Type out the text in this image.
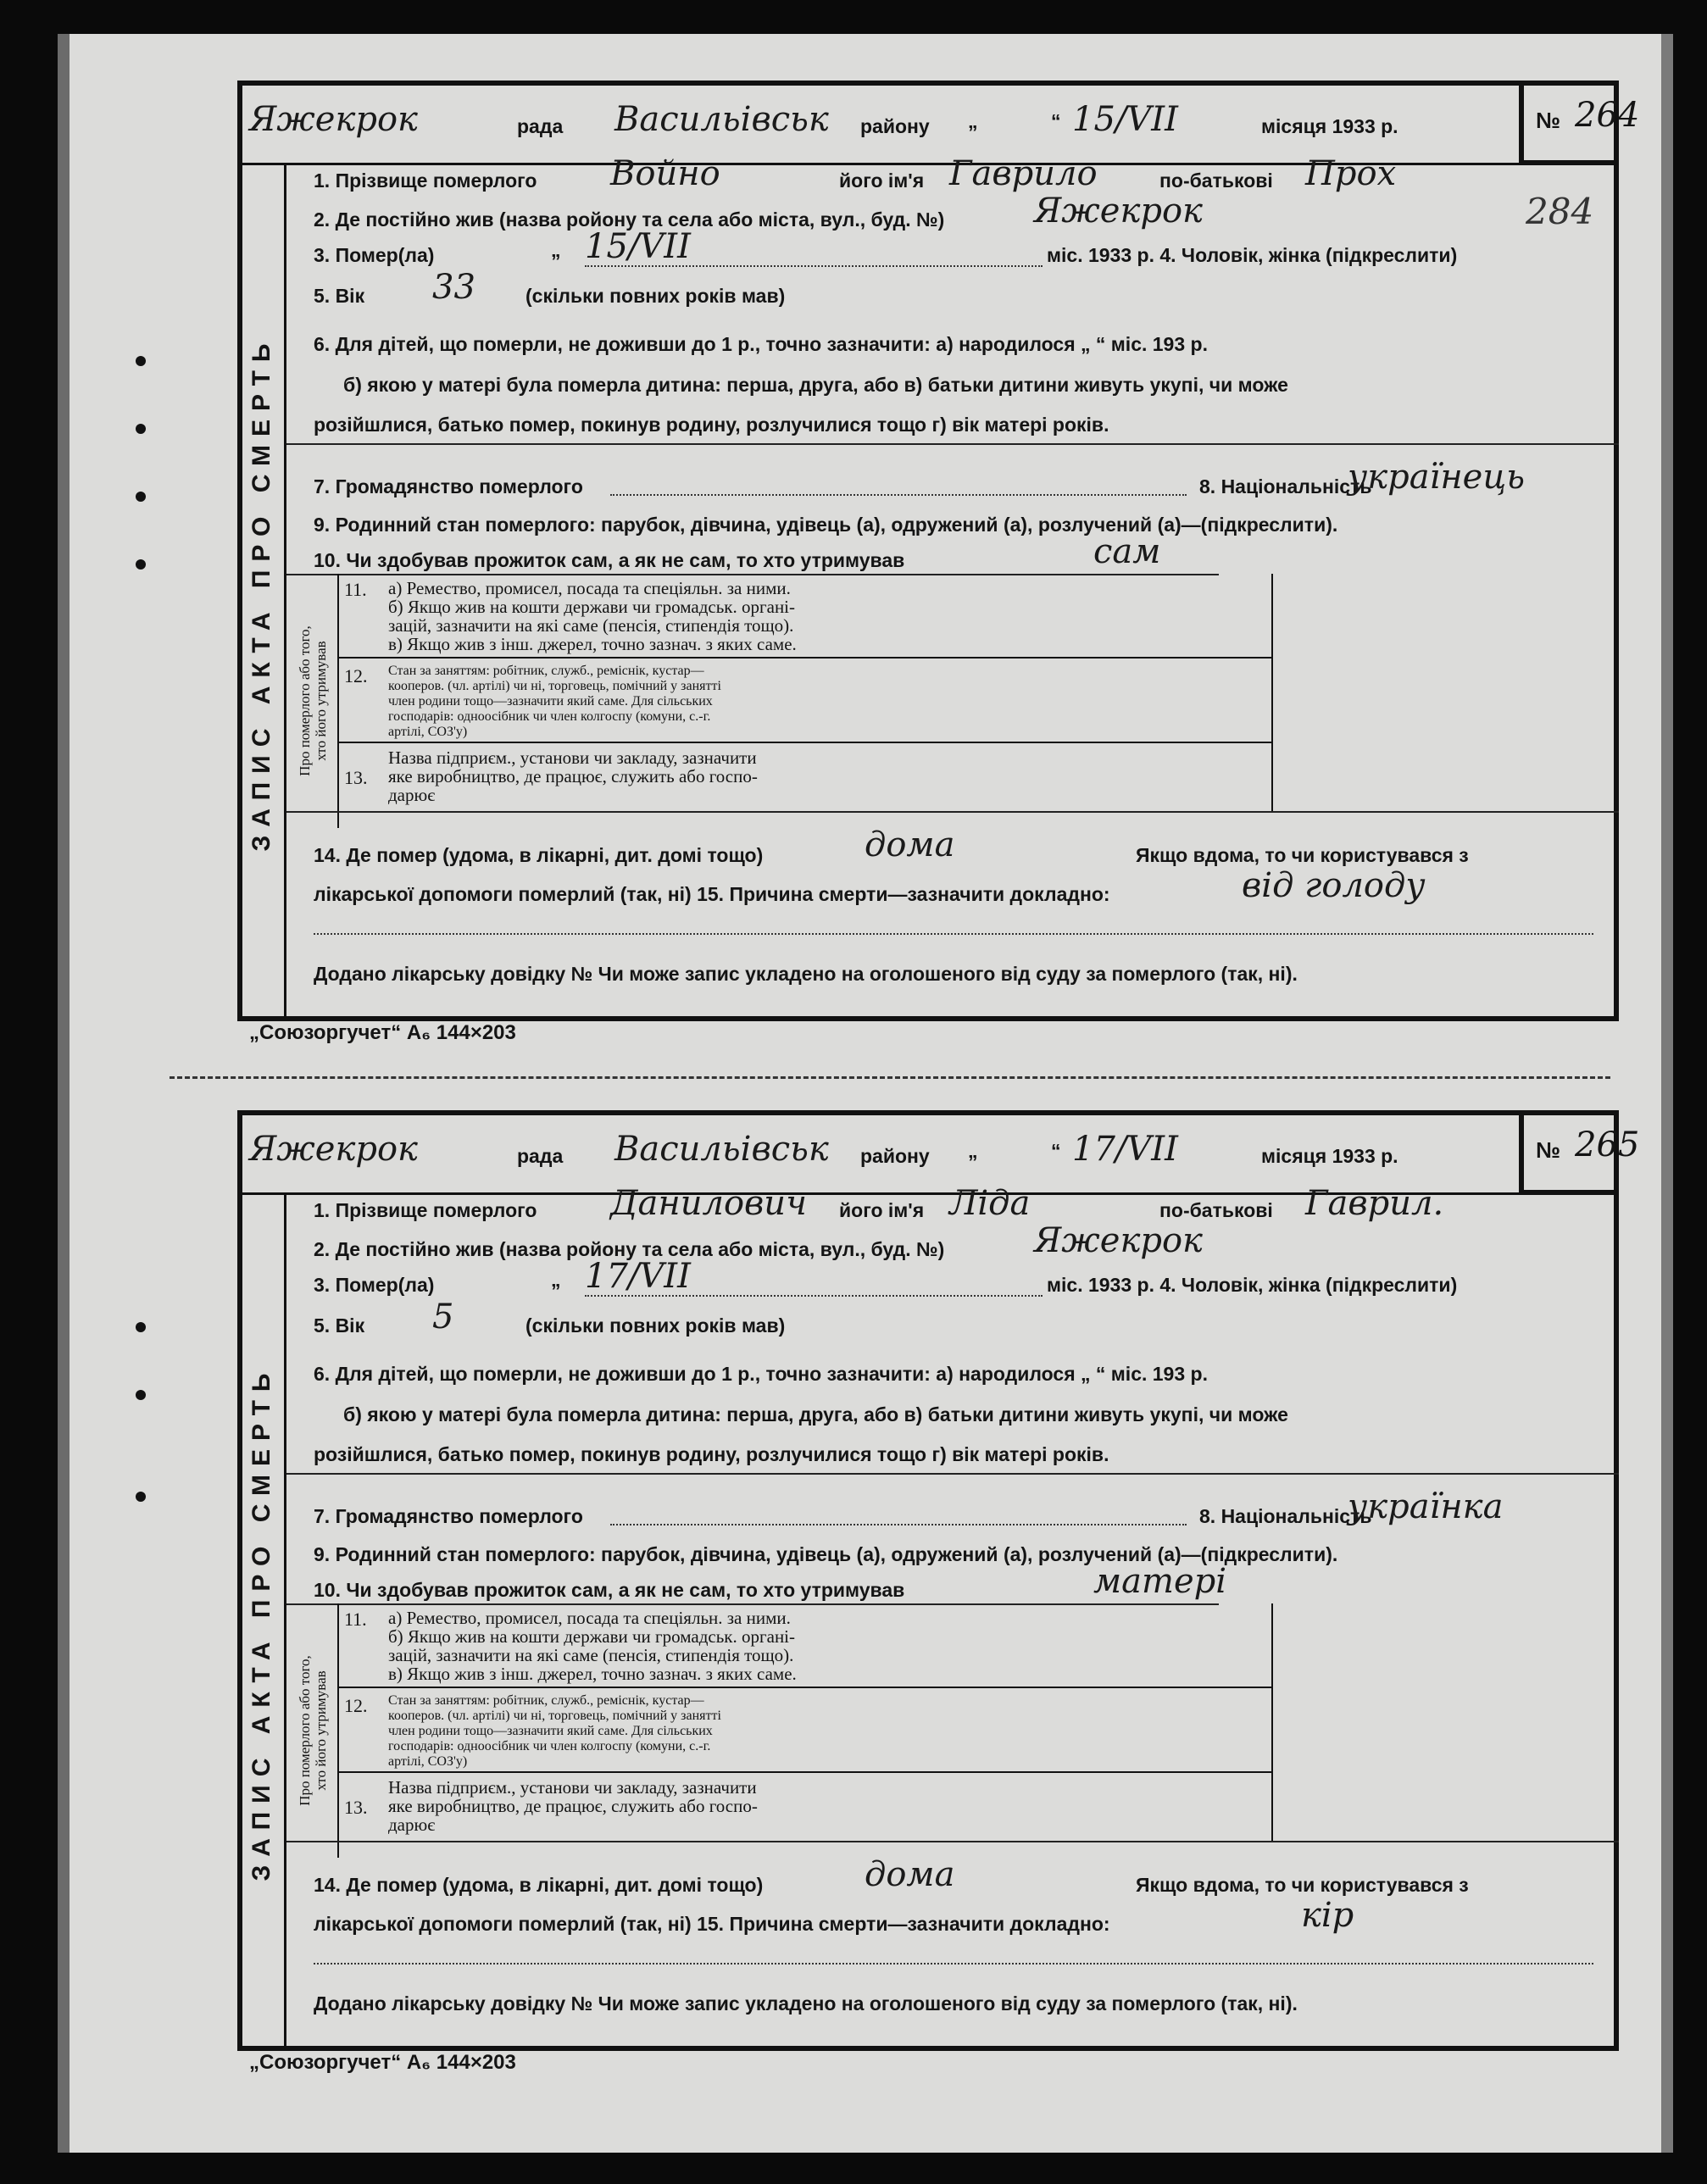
Яжекрок	рада Васильівськ району „	“ 15/VII	місяця 1933 р.	№ 264
284
ЗАПИС АКТА ПРО СМЕРТЬ
1. Прізвище померлого Войно	його ім'я Гаврило	по-батькові Прох
2. Де постійно жив (назва ройону та села або міста, вул., буд. №)	Яжекрок
3. Помер(ла)	„ 15/VII	міс. 1933 р. 4. Чоловік, жінка (підкреслити)
5. Вік 33	(скільки повних років мав)
6. Для дітей, що померли, не доживши до 1 р., точно зазначити: а) народилося „ “ міс. 193 р.
б) якою у матері була померла дитина: перша, друга, або в) батьки дитини живуть укупі, чи може
розійшлися, батько помер, покинув родину, розлучилися тощо г) вік матері років.
7. Громадянство померлого	8. Національність
українець
9. Родинний стан померлого: парубок, дівчина, удівець (а), одружений (а), розлучений (а)—(підкреслити).
10. Чи здобував прожиток сам, а як не сам, то хто утримував	сам
Про померлого або того, хто його утримував
11. а) Ремество, промисел, посада та спеціяльн. за ними.
б) Якщо жив на кошти держави чи громадськ. органі-
зацій, зазначити на які саме (пенсія, стипендія тощо).
в) Якщо жив з інш. джерел, точно зазнач. з яких саме.
12. Стан за заняттям: робітник, служб., реміснік, кустар—
кооперов. (чл. артілі) чи ні, торговець, помічний у занятті
член родини тощо—зазначити який саме. Для сільських
господарів: одноосібник чи член колгоспу (комуни, с.-г.
артілі, СОЗ'у)
13.
Назва підприєм., установи чи закладу, зазначити
яке виробництво, де працює, служить або госпо-
дарює
14. Де помер (удома, в лікарні, дит. домі тощо)	дома	Якщо вдома, то чи користувався з
лікарської допомоги померлий (так, ні) 15. Причина смерти—зазначити докладно:	від голоду
Додано лікарську довідку № Чи може запис укладено на оголошеного від суду за померлого (так, ні).
„Союзоргучет“ А₆ 144×203
Яжекрок	рада Васильівськ району „	“ 17/VII	місяця 1933 р.	№ 265
ЗАПИС АКТА ПРО СМЕРТЬ
1. Прізвище померлого Данилович його ім'я Ліда	по-батькові Гаврил.
2. Де постійно жив (назва ройону та села або міста, вул., буд. №)	Яжекрок
3. Помер(ла)	„ 17/VII	міс. 1933 р. 4. Чоловік, жінка (підкреслити)
5. Вік 5	(скільки повних років мав)
6. Для дітей, що померли, не доживши до 1 р., точно зазначити: а) народилося „ “ міс. 193 р.
б) якою у матері була померла дитина: перша, друга, або в) батьки дитини живуть укупі, чи може
розійшлися, батько помер, покинув родину, розлучилися тощо г) вік матері років.
7. Громадянство померлого	8. Національність
українка
9. Родинний стан померлого: парубок, дівчина, удівець (а), одружений (а), розлучений (а)—(підкреслити).
10. Чи здобував прожиток сам, а як не сам, то хто утримував	матері
Про померлого або того, хто його утримував
11. а) Ремество, промисел, посада та спеціяльн. за ними.
б) Якщо жив на кошти держави чи громадськ. органі-
зацій, зазначити на які саме (пенсія, стипендія тощо).
в) Якщо жив з інш. джерел, точно зазнач. з яких саме.
12. Стан за заняттям: робітник, служб., реміснік, кустар—
кооперов. (чл. артілі) чи ні, торговець, помічний у занятті
член родини тощо—зазначити який саме. Для сільських
господарів: одноосібник чи член колгоспу (комуни, с.-г.
артілі, СОЗ'у)
13.
Назва підприєм., установи чи закладу, зазначити
яке виробництво, де працює, служить або госпо-
дарює
14. Де помер (удома, в лікарні, дит. домі тощо)	дома	Якщо вдома, то чи користувався з
лікарської допомоги померлий (так, ні) 15. Причина смерти—зазначити докладно:	кір
Додано лікарську довідку № Чи може запис укладено на оголошеного від суду за померлого (так, ні).
„Союзоргучет“ А₆ 144×203
